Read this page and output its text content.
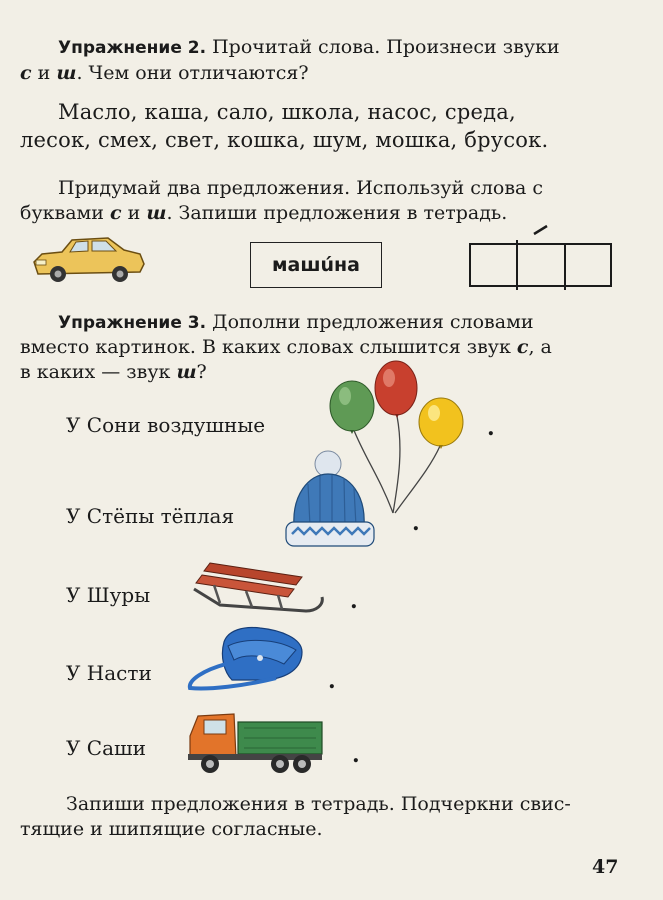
Упражнение 2. Прочитай слова. Произнеси звуки
с и ш. Чем они отличаются?
Масло, каша, сало, школа, насос, среда,
лесок, смех, свет, кошка, шум, мошка, брусок.
Придумай два предложения. Используй слова с
буквами с и ш. Запиши предложения в тетрадь.
машúна
Упражнение 3. Дополни предложения словами
вместо картинок. В каких словах слышится звук с, а
в каких — звук ш?
У Сони воздушные
У Стёпы тёплая
У Шуры
У Насти
У Саши
.
.
.
.
.
Запиши предложения в тетрадь. Подчеркни свис-
тящие и шипящие согласные.
47
